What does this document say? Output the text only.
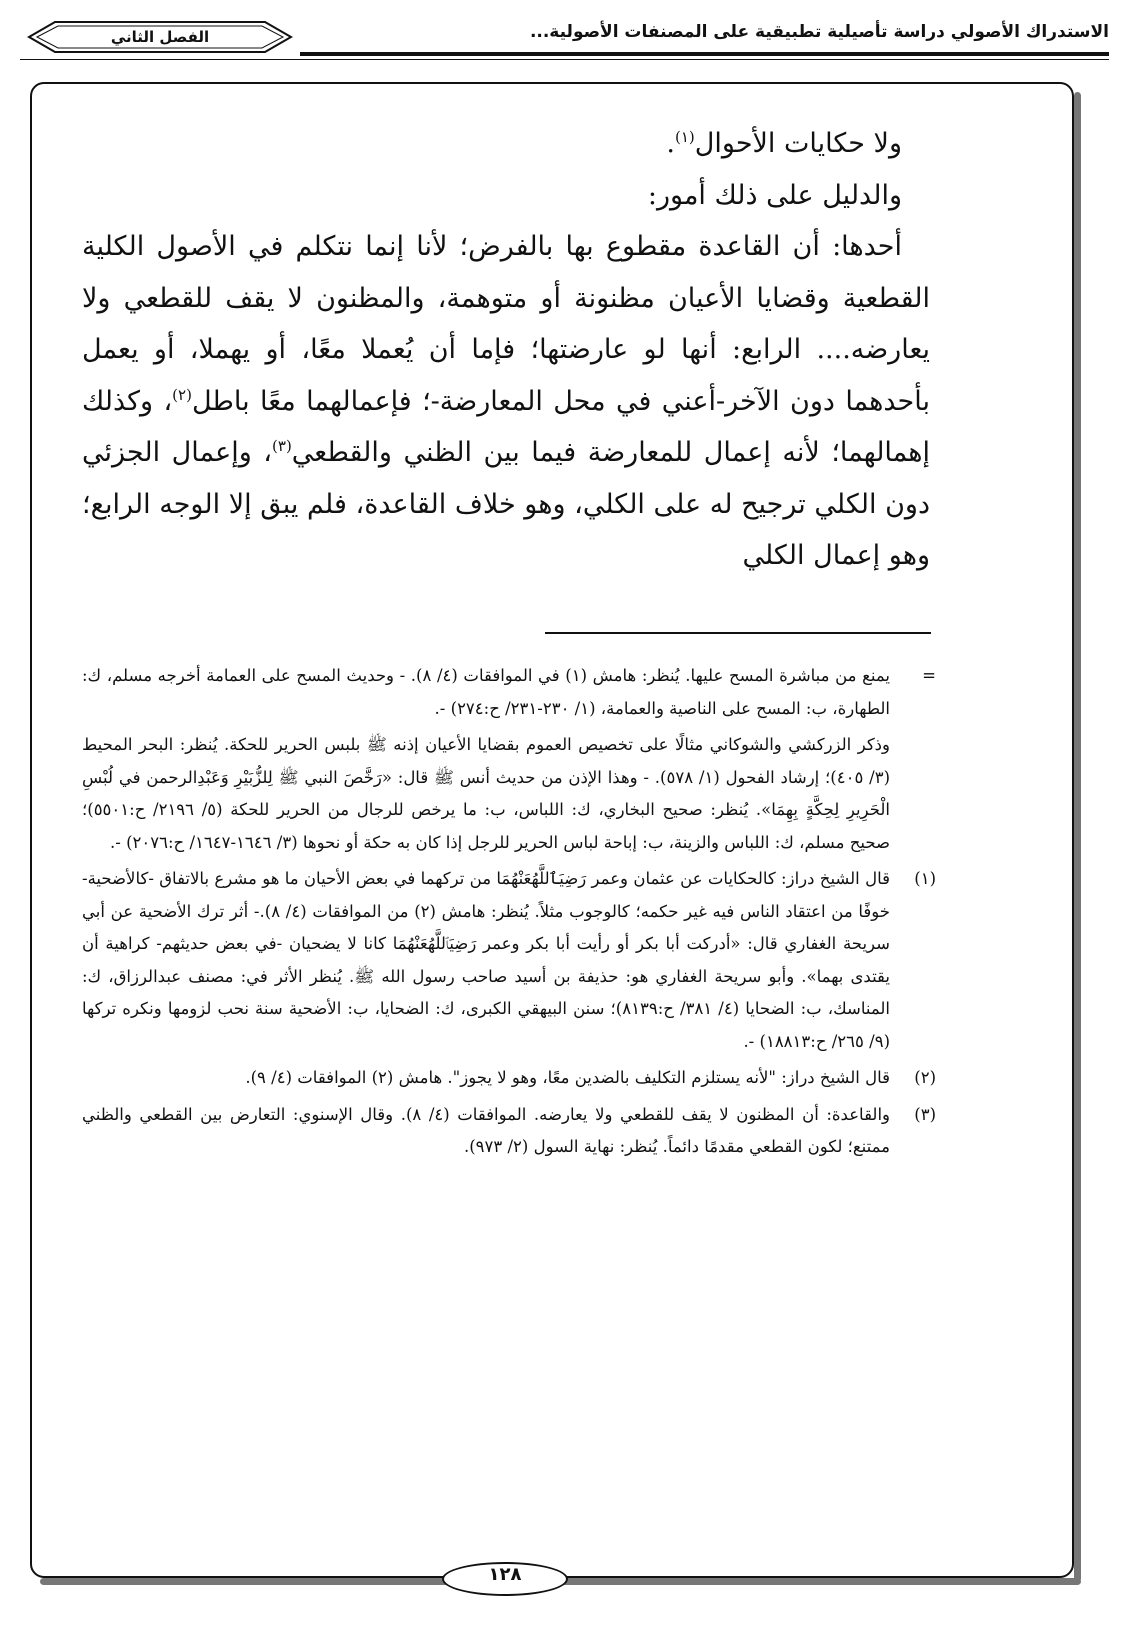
الاستدراك الأصولي دراسة تأصيلية تطبيقية على المصنفات الأصولية...
الفصل الثاني

ولا حكايات الأحوال$^{(١)}$.

والدليل على ذلك أمور:

أحدها: أن القاعدة مقطوع بها بالفرض؛ لأنا إنما نتكلم في الأصول الكلية القطعية وقضايا الأعيان مظنونة أو متوهمة، والمظنون لا يقف للقطعي ولا يعارضه.... الرابع: أنها لو عارضتها؛ فإما أن يُعملا معًا، أو يهملا، أو يعمل بأحدهما دون الآخر-أعني في محل المعارضة-؛ فإعمالهما معًا باطل$^{(٢)}$، وكذلك إهمالهما؛ لأنه إعمال للمعارضة فيما بين الظني والقطعي$^{(٣)}$، وإعمال الجزئي دون الكلي ترجيح له على الكلي، وهو خلاف القاعدة، فلم يبق إلا الوجه الرابع؛ وهو إعمال الكلي

=

يمنع من مباشرة المسح عليها. يُنظر: هامش (١) في الموافقات (٤/ ٨). - وحديث المسح على العمامة أخرجه مسلم، ك: الطهارة، ب: المسح على الناصية والعمامة، (١/ ٢٣٠-٢٣١/ ح:٢٧٤) -.

وذكر الزركشي والشوكاني مثالًا على تخصيص العموم بقضايا الأعيان إذنه ﷺ بلبس الحرير للحكة. يُنظر: البحر المحيط (٣/ ٤٠٥)؛ إرشاد الفحول (١/ ٥٧٨). - وهذا الإذن من حديث أنس ﷺ قال: «رَخَّصَ النبي ﷺ لِلزُّبَيْرِ وَعَبْدِالرحمن في لُبْسِ الْحَرِيرِ لِحِكَّةٍ بِهِمَا». يُنظر: صحيح البخاري، ك: اللباس، ب: ما يرخص للرجال من الحرير للحكة (٥/ ٢١٩٦/ ح:٥٥٠١)؛ صحيح مسلم، ك: اللباس والزينة، ب: إباحة لباس الحرير للرجل إذا كان به حكة أو نحوها (٣/ ١٦٤٦-١٦٤٧/ ح:٢٠٧٦) -.

(١)

قال الشيخ دراز: كالحكايات عن عثمان وعمر رَضِيَٱللَّهُعَنْهُمَا من تركهما في بعض الأحيان ما هو مشرع بالاتفاق -كالأضحية- خوفًا من اعتقاد الناس فيه غير حكمه؛ كالوجوب مثلاً. يُنظر: هامش (٢) من الموافقات (٤/ ٨).- أثر ترك الأضحية عن أبي سريحة الغفاري قال: «أدركت أبا بكر أو رأيت أبا بكر وعمر رَضِيَٱللَّهُعَنْهُمَا كانا لا يضحيان -في بعض حديثهم- كراهية أن يقتدى بهما». وأبو سريحة الغفاري هو: حذيفة بن أسيد صاحب رسول الله ﷺ. يُنظر الأثر في: مصنف عبدالرزاق، ك: المناسك، ب: الضحايا (٤/ ٣٨١/ ح:٨١٣٩)؛ سنن البيهقي الكبرى، ك: الضحايا، ب: الأضحية سنة نحب لزومها ونكره تركها (٩/ ٢٦٥/ ح:١٨٨١٣) -.

(٢)

قال الشيخ دراز: "لأنه يستلزم التكليف بالضدين معًا، وهو لا يجوز". هامش (٢) الموافقات (٤/ ٩).

(٣)

والقاعدة: أن المظنون لا يقف للقطعي ولا يعارضه. الموافقات (٤/ ٨). وقال الإسنوي: التعارض بين القطعي والظني ممتنع؛ لكون القطعي مقدمًا دائماً. يُنظر: نهاية السول (٢/ ٩٧٣).

١٢٨
